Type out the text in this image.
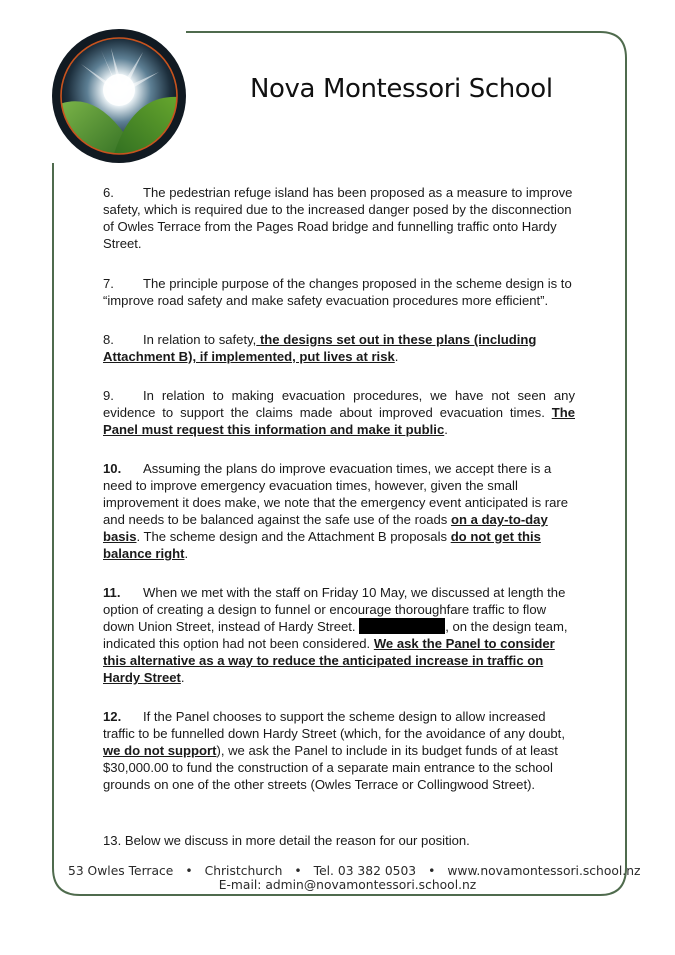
Nova Montessori School

6. The pedestrian refuge island has been proposed as a measure to improve safety, which is required due to the increased danger posed by the disconnection of Owles Terrace from the Pages Road bridge and funnelling traffic onto Hardy Street.

7. The principle purpose of the changes proposed in the scheme design is to “improve road safety and make safety evacuation procedures more efficient”.

8. In relation to safety, the designs set out in these plans (including Attachment B), if implemented, put lives at risk.

9. In relation to making evacuation procedures, we have not seen any evidence to support the claims made about improved evacuation times. The Panel must request this information and make it public.

10. Assuming the plans do improve evacuation times, we accept there is a need to improve emergency evacuation times, however, given the small improvement it does make, we note that the emergency event anticipated is rare and needs to be balanced against the safe use of the roads on a day-to-day basis. The scheme design and the Attachment B proposals do not get this balance right.

11. When we met with the staff on Friday 10 May, we discussed at length the option of creating a design to funnel or encourage thoroughfare traffic to flow down Union Street, instead of Hardy Street.	, on the design team, indicated this option had not been considered. We ask the Panel to consider this alternative as a way to reduce the anticipated increase in traffic on Hardy Street.

12. If the Panel chooses to support the scheme design to allow increased traffic to be funnelled down Hardy Street (which, for the avoidance of any doubt, we do not support), we ask the Panel to include in its budget funds of at least $30,000.00 to fund the construction of a separate main entrance to the school grounds on one of the other streets (Owles Terrace or Collingwood Street).

13. Below we discuss in more detail the reason for our position.

53 Owles Terrace • Christchurch • Tel. 03 382 0503 • www.novamontessori.school.nz
E-mail: admin@novamontessori.school.nz
